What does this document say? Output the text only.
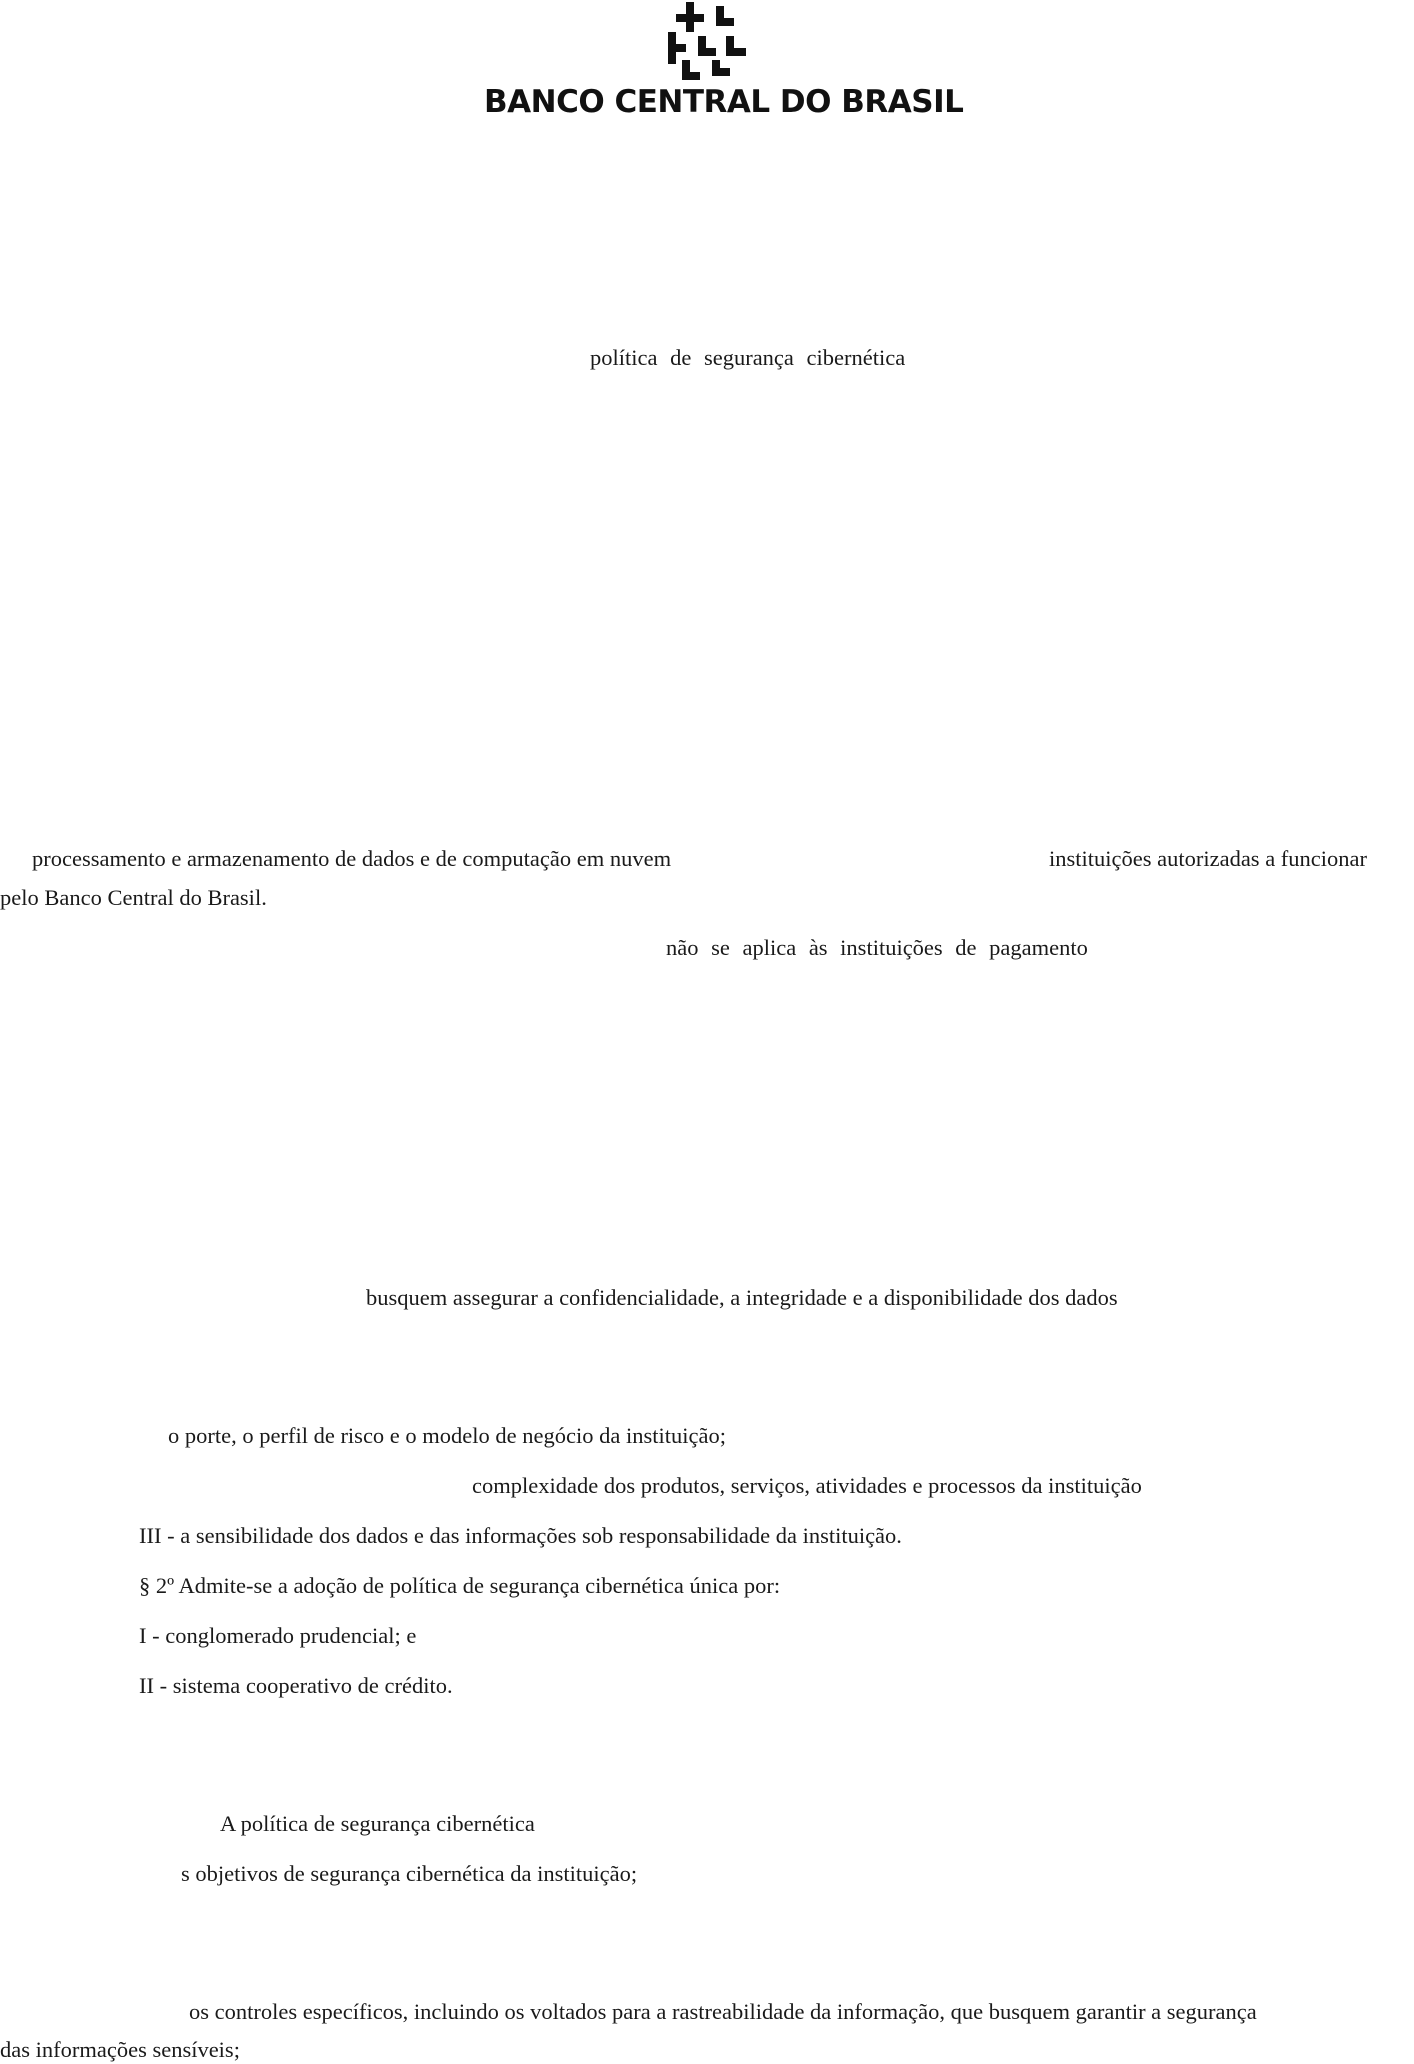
BANCO CENTRAL DO BRASIL
política de segurança cibernética
processamento e armazenamento de dados e de computação em nuvem	instituições autorizadas a funcionar
pelo Banco Central do Brasil.
não se aplica às instituições de pagamento
busquem assegurar a confidencialidade, a integridade e a disponibilidade dos dados
o porte, o perfil de risco e o modelo de negócio da instituição;
complexidade dos produtos, serviços, atividades e processos da instituição
III - a sensibilidade dos dados e das informações sob responsabilidade da instituição.
§ 2º Admite-se a adoção de política de segurança cibernética única por:
I - conglomerado prudencial; e
II - sistema cooperativo de crédito.
A política de segurança cibernética
s objetivos de segurança cibernética da instituição;
os controles específicos, incluindo os voltados para a rastreabilidade da informação, que busquem garantir a segurança
das informações sensíveis;
